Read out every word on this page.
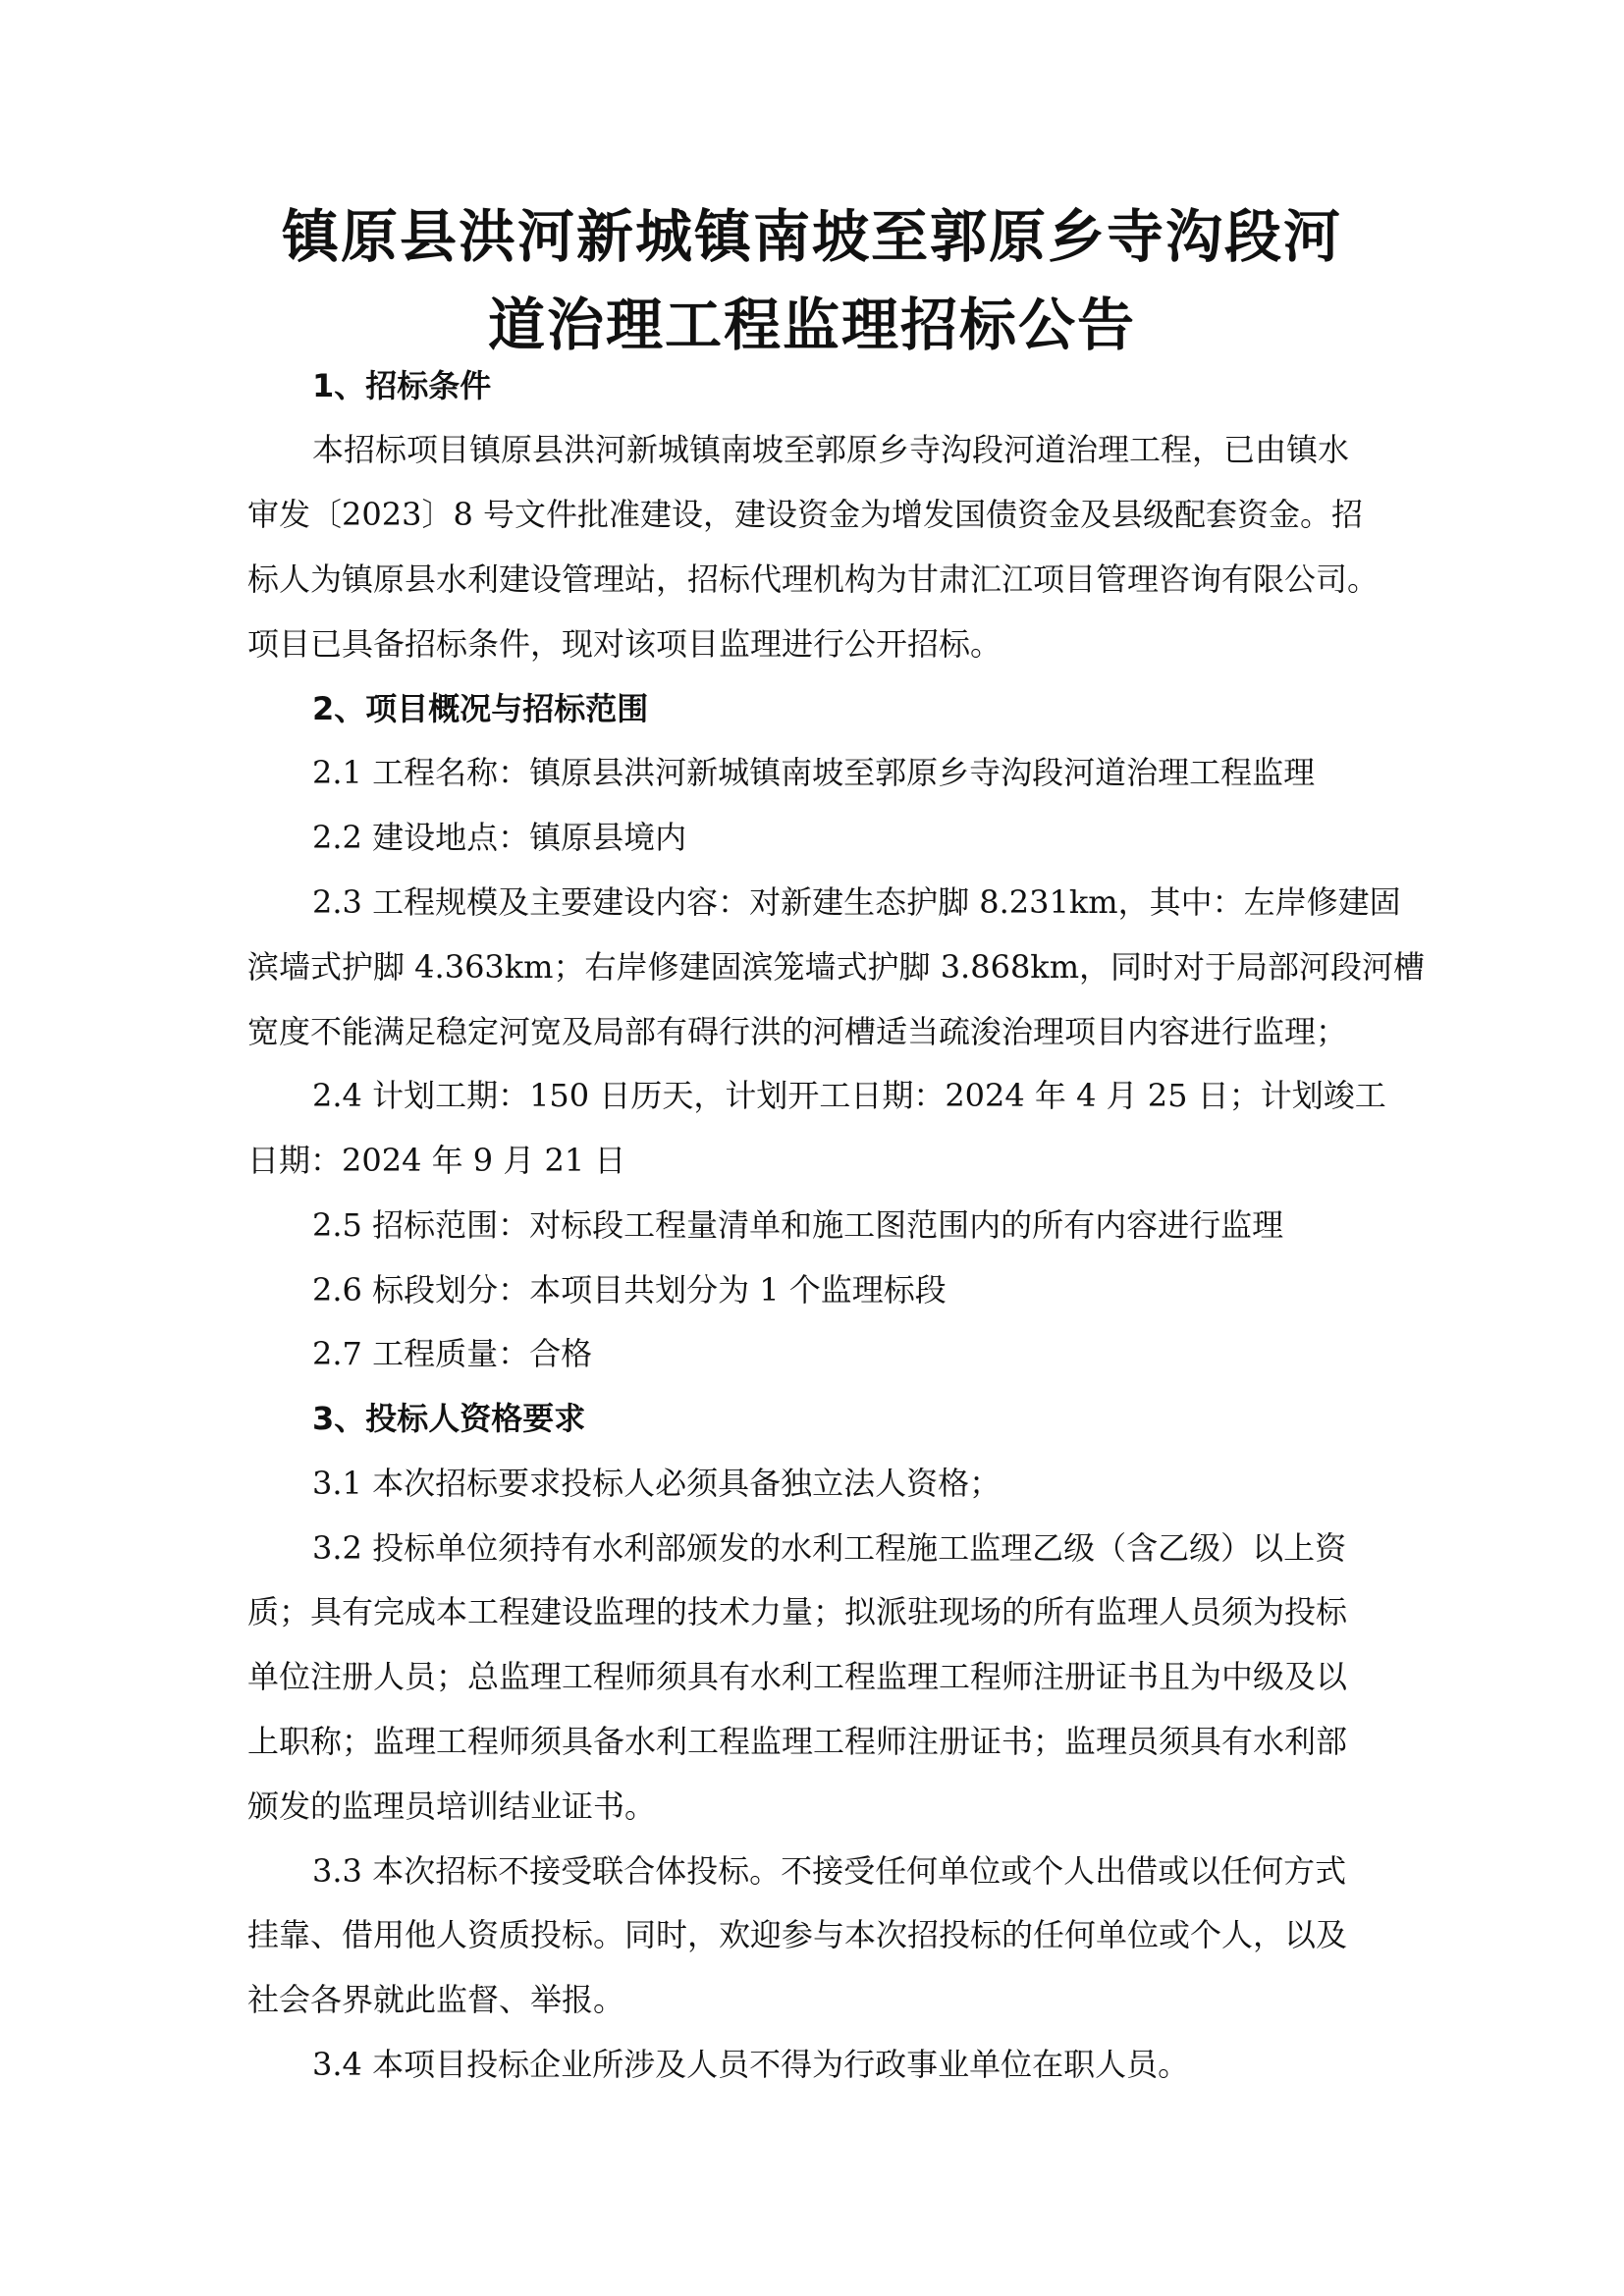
镇原县洪河新城镇南坡至郭原乡寺沟段河
道治理工程监理招标公告

1、招标条件

本招标项目镇原县洪河新城镇南坡至郭原乡寺沟段河道治理工程，已由镇水

审发〔2023〕8 号文件批准建设，建设资金为增发国债资金及县级配套资金。招

标人为镇原县水利建设管理站，招标代理机构为甘肃汇江项目管理咨询有限公司。

项目已具备招标条件，现对该项目监理进行公开招标。

2、项目概况与招标范围

2.1 工程名称：镇原县洪河新城镇南坡至郭原乡寺沟段河道治理工程监理

2.2 建设地点：镇原县境内

2.3 工程规模及主要建设内容：对新建生态护脚 8.231km，其中：左岸修建固

滨墙式护脚 4.363km；右岸修建固滨笼墙式护脚 3.868km，同时对于局部河段河槽

宽度不能满足稳定河宽及局部有碍行洪的河槽适当疏浚治理项目内容进行监理；

2.4 计划工期：150 日历天，计划开工日期：2024 年 4 月 25 日；计划竣工

日期：2024 年 9 月 21 日

2.5 招标范围：对标段工程量清单和施工图范围内的所有内容进行监理

2.6 标段划分：本项目共划分为 1 个监理标段

2.7 工程质量：合格

3、投标人资格要求

3.1 本次招标要求投标人必须具备独立法人资格；

3.2 投标单位须持有水利部颁发的水利工程施工监理乙级（含乙级）以上资

质；具有完成本工程建设监理的技术力量；拟派驻现场的所有监理人员须为投标

单位注册人员；总监理工程师须具有水利工程监理工程师注册证书且为中级及以

上职称；监理工程师须具备水利工程监理工程师注册证书；监理员须具有水利部

颁发的监理员培训结业证书。

3.3 本次招标不接受联合体投标。不接受任何单位或个人出借或以任何方式

挂靠、借用他人资质投标。同时，欢迎参与本次招投标的任何单位或个人，以及

社会各界就此监督、举报。

3.4 本项目投标企业所涉及人员不得为行政事业单位在职人员。
